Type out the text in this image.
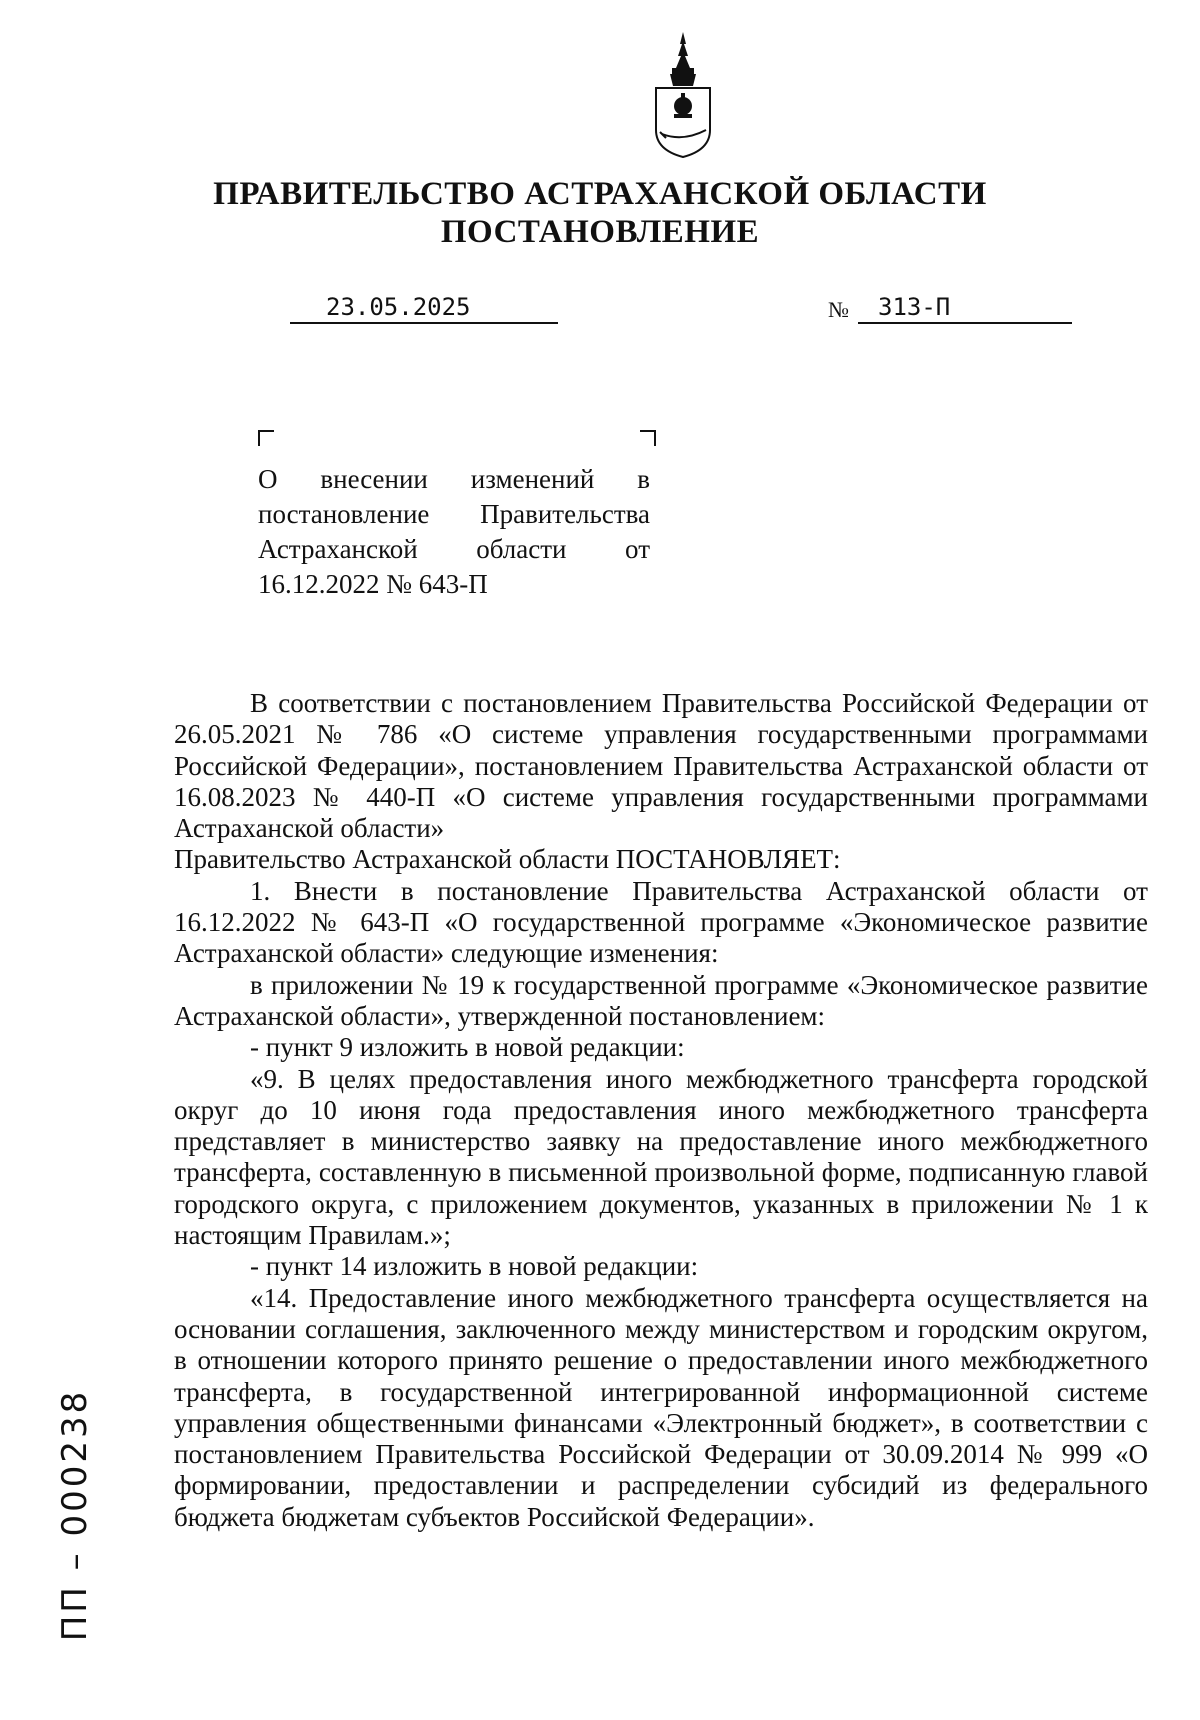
ПРАВИТЕЛЬСТВО АСТРАХАНСКОЙ ОБЛАСТИ
ПОСТАНОВЛЕНИЕ
23.05.2025	№	313-П
О внесении изменений в постановление Правительства Астраханской области от 16.12.2022 № 643-П

В соответствии с постановлением Правительства Российской Федерации от 26.05.2021 № 786 «О системе управления государственными программами Российской Федерации», постановлением Правительства Астраханской области от 16.08.2023 № 440-П «О системе управления государственными программами Астраханской области»

Правительство Астраханской области ПОСТАНОВЛЯЕТ:

1. Внести в постановление Правительства Астраханской области от 16.12.2022 № 643-П «О государственной программе «Экономическое развитие Астраханской области» следующие изменения:

в приложении № 19 к государственной программе «Экономическое развитие Астраханской области», утвержденной постановлением:

- пункт 9 изложить в новой редакции:

«9. В целях предоставления иного межбюджетного трансферта городской округ до 10 июня года предоставления иного межбюджетного трансферта представляет в министерство заявку на предоставление иного межбюджетного трансферта, составленную в письменной произвольной форме, подписанную главой городского округа, с приложением документов, указанных в приложении № 1 к настоящим Правилам.»;

- пункт 14 изложить в новой редакции:

«14. Предоставление иного межбюджетного трансферта осуществляется на основании соглашения, заключенного между министерством и городским округом, в отношении которого принято решение о предоставлении иного межбюджетного трансферта, в государственной интегрированной информационной системе управления общественными финансами «Электронный бюджет», в соответствии с постановлением Правительства Российской Федерации от 30.09.2014 № 999 «О формировании, предоставлении и распределении субсидий из федерального бюджета бюджетам субъектов Российской Федерации».

ПП – 000238
